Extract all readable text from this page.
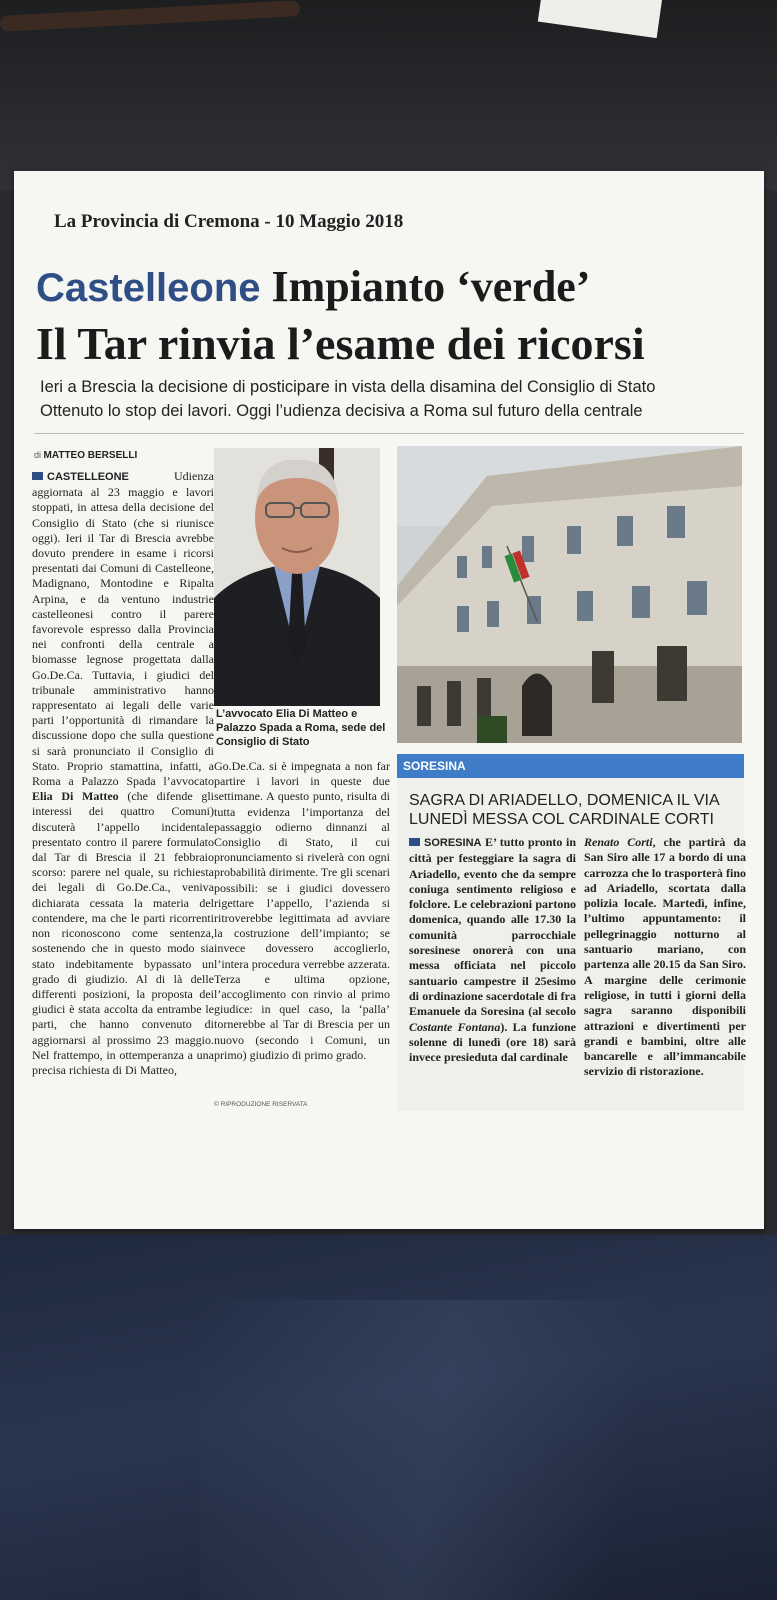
La Provincia di Cremona - 10 Maggio 2018
Castelleone Impianto ‘verde’
Il Tar rinvia l’esame dei ricorsi
Ieri a Brescia la decisione di posticipare in vista della disamina del Consiglio di Stato
Ottenuto lo stop dei lavori. Oggi l’udienza decisiva a Roma sul futuro della centrale
di MATTEO BERSELLI
CASTELLEONE	Udienza aggiornata al 23 maggio e lavori stoppati, in attesa della decisione del Consiglio di Stato (che si riunisce oggi). Ieri il Tar di Brescia avrebbe dovuto prendere in esame i ricorsi presentati dai Comuni di Castelleone, Madignano, Montodine e Ripalta Arpina, e da ventuno industrie castelleonesi contro il parere favorevole espresso dalla Provincia nei confronti della centrale a biomasse legnose progettata dalla Go.De.Ca. Tuttavia, i giudici del tribunale amministrativo hanno rappresentato ai legali delle varie parti l’opportunità di rimandare la discussione dopo che sulla questione si sarà pronunciato il Consiglio di Stato. Proprio stamattina, infatti, a Roma a Palazzo Spada l’avvocato Elia Di Matteo (che difende gli interessi dei quattro Comuni) discuterà l’appello incidentale presentato contro il parere formulato dal Tar di Brescia il 21 febbraio scorso: parere nel quale, su richiesta dei legali di Go.De.Ca., veniva dichiarata cessata la materia del contendere, ma che le parti ricorrenti non riconoscono come sentenza, sostenendo che in questo modo sia stato indebitamente bypassato un grado di giudizio. Al di là delle differenti posizioni, la proposta dei giudici è stata accolta da entrambe le parti, che hanno convenuto di aggiornarsi al prossimo 23 maggio. Nel frattempo, in ottemperanza a una precisa richiesta di Di Matteo,
L’avvocato Elia Di Matteo e Palazzo Spada a Roma, sede del Consiglio di Stato
Go.De.Ca. si è impegnata a non far partire i lavori in queste due settimane. A questo punto, risulta di tutta evidenza l’importanza del passaggio odierno dinnanzi al Consiglio di Stato, il cui pronunciamento si rivelerà con ogni probabilità dirimente. Tre gli scenari possibili: se i giudici dovessero rigettare l’appello, l’azienda si ritroverebbe legittimata ad avviare la costruzione dell’impianto; se invece dovessero accoglierlo, l’intera procedura verrebbe azzerata. Terza e ultima opzione, l’accoglimento con rinvio al primo giudice: in quel caso, la ‘palla’ tornerebbe al Tar di Brescia per un nuovo (secondo i Comuni, un primo) giudizio di primo grado.
© RIPRODUZIONE RISERVATA
SORESINA
SAGRA DI ARIADELLO, DOMENICA IL VIA LUNEDÌ MESSA COL CARDINALE CORTI
SORESINA E’ tutto pronto in città per festeggiare la sagra di Ariadello, evento che da sempre coniuga sentimento religioso e folclore. Le celebrazioni partono domenica, quando alle 17.30 la comunità parrocchiale soresinese onorerà con una messa officiata nel piccolo santuario campestre il 25esimo di ordinazione sacerdotale di fra Emanuele da Soresina (al secolo Costante Fontana). La funzione solenne di lunedì (ore 18) sarà invece presieduta dal cardinale
Renato Corti, che partirà da San Siro alle 17 a bordo di una carrozza che lo trasporterà fino ad Ariadello, scortata dalla polizia locale. Martedì, infine, l’ultimo appuntamento: il pellegrinaggio notturno al santuario mariano, con partenza alle 20.15 da San Siro. A margine delle cerimonie religiose, in tutti i giorni della sagra saranno disponibili attrazioni e divertimenti per grandi e bambini, oltre alle bancarelle e all’immancabile servizio di ristorazione.
